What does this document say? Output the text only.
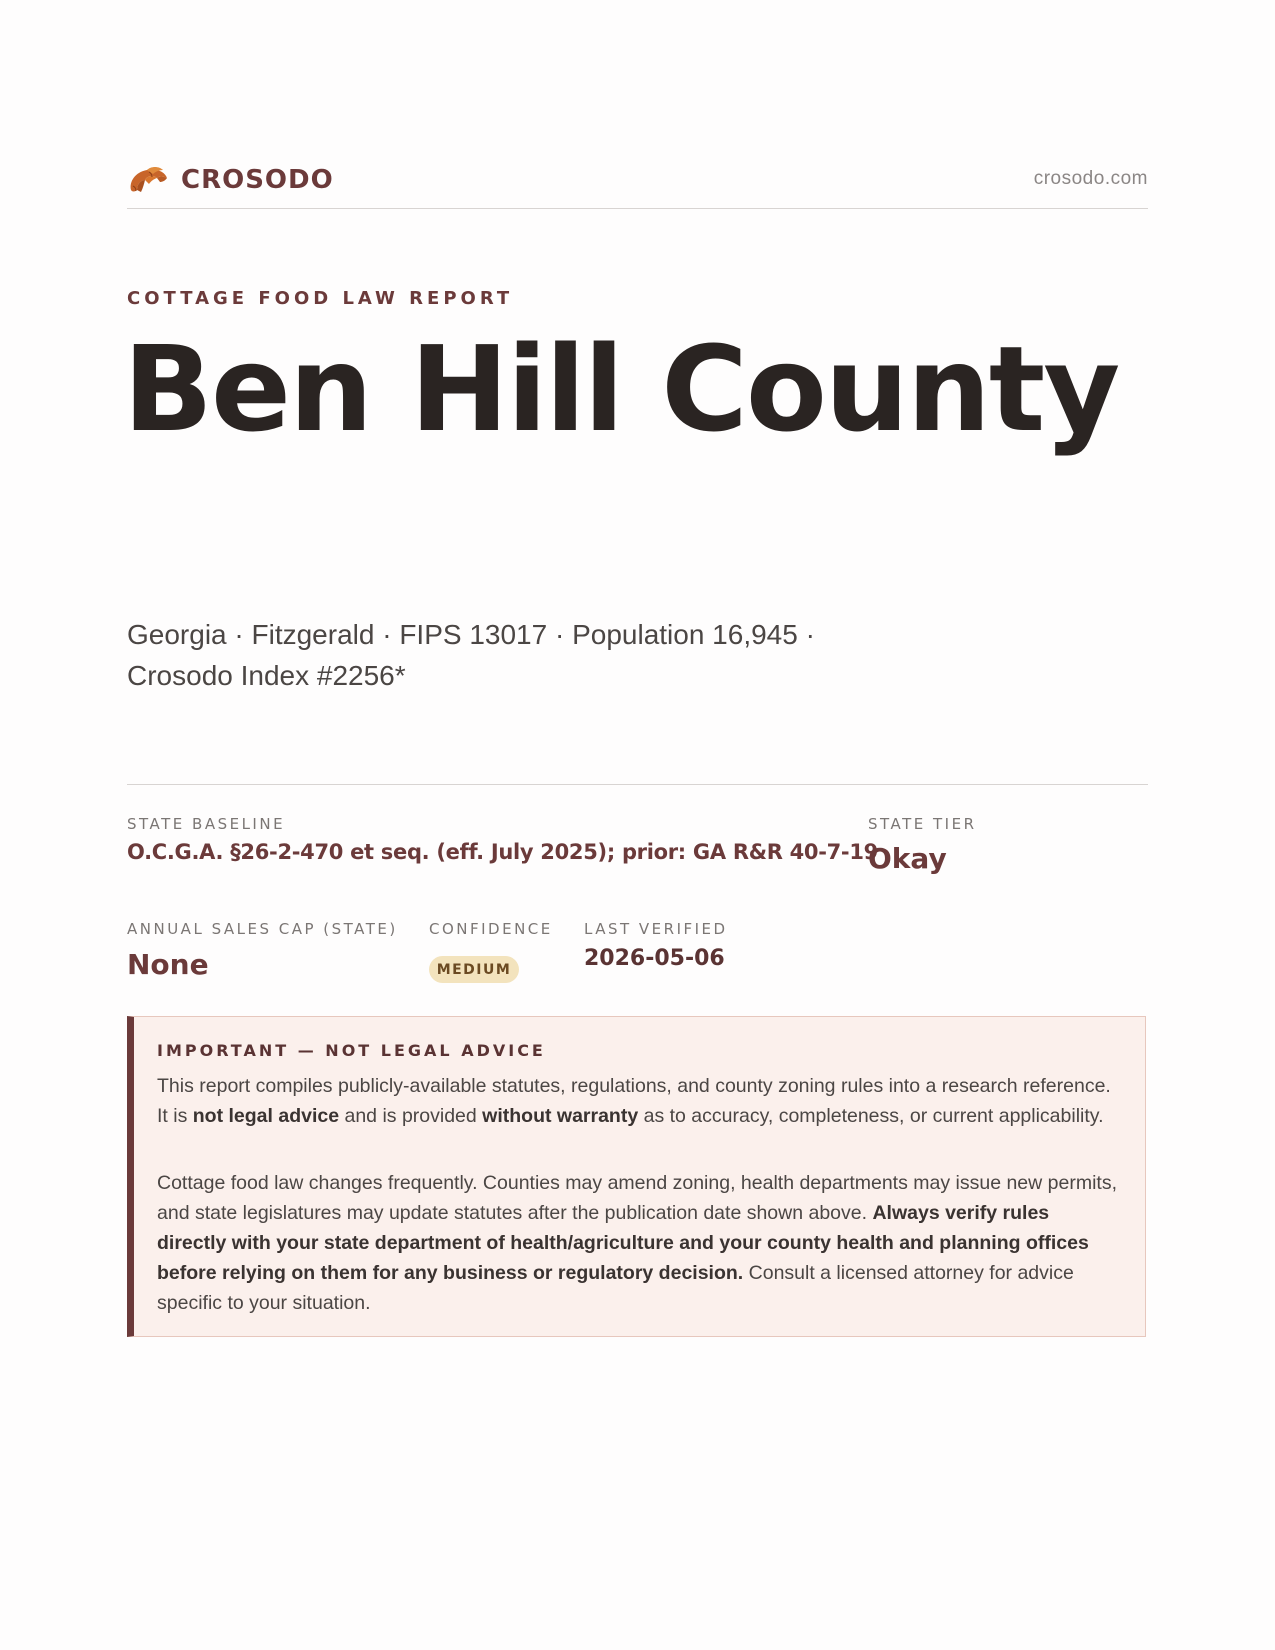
CROSODO	crosodo.com
COTTAGE FOOD LAW REPORT
Ben Hill County
Georgia · Fitzgerald · FIPS 13017 · Population 16,945 ·
Crosodo Index #2256*
STATE BASELINE
O.C.G.A. §26-2-470 et seq. (eff. July 2025); prior: GA R&R 40-7-19
STATE TIER
Okay
ANNUAL SALES CAP (STATE)
None
CONFIDENCE
MEDIUM
LAST VERIFIED
2026-05-06
IMPORTANT — NOT LEGAL ADVICE

This report compiles publicly-available statutes, regulations, and county zoning rules into a research reference. It is not legal advice and is provided without warranty as to accuracy, completeness, or current applicability.

Cottage food law changes frequently. Counties may amend zoning, health departments may issue new permits, and state legislatures may update statutes after the publication date shown above. Always verify rules directly with your state department of health/agriculture and your county health and planning offices before relying on them for any business or regulatory decision. Consult a licensed attorney for advice specific to your situation.
